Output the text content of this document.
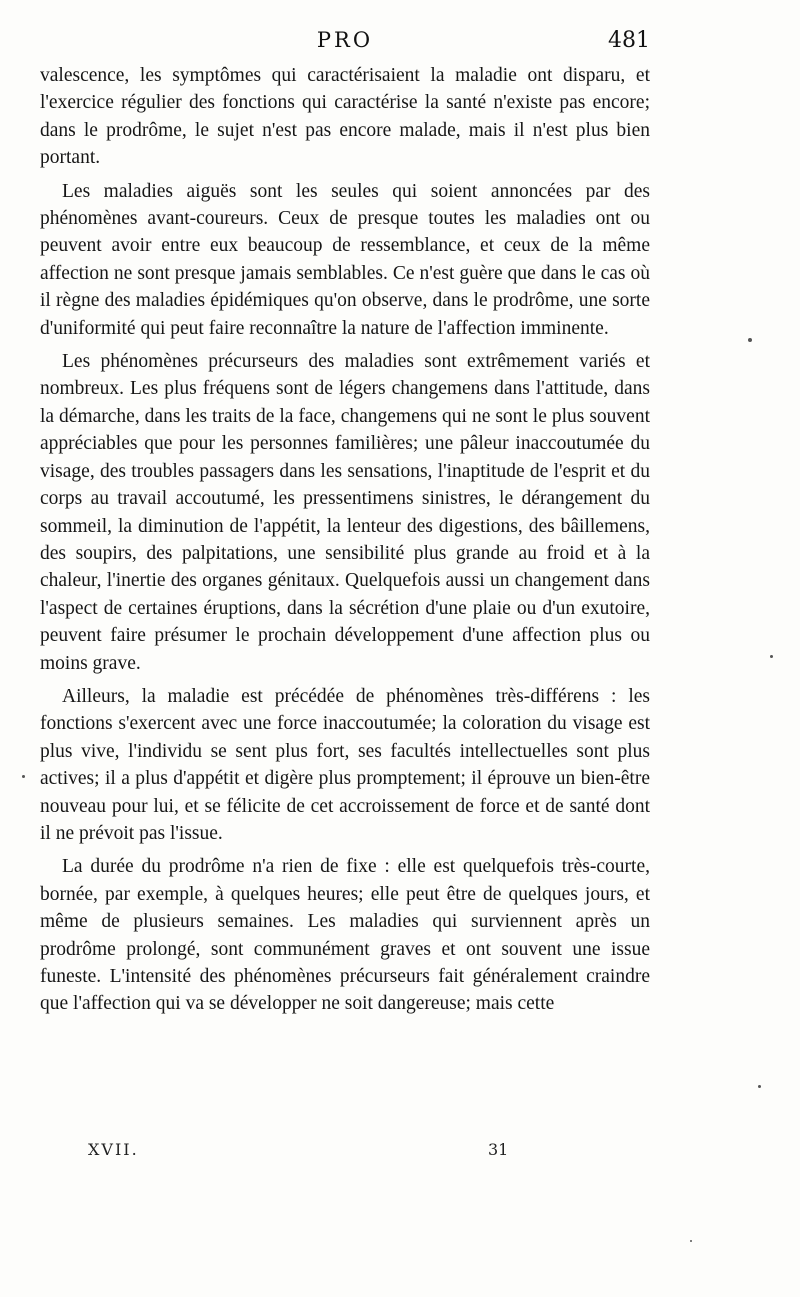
PRO	481

valescence, les symptômes qui caractérisaient la maladie ont disparu, et l'exercice régulier des fonctions qui caractérise la santé n'existe pas encore; dans le prodrôme, le sujet n'est pas encore malade, mais il n'est plus bien portant.

Les maladies aiguës sont les seules qui soient annoncées par des phénomènes avant-coureurs. Ceux de presque toutes les maladies ont ou peuvent avoir entre eux beaucoup de ressemblance, et ceux de la même affection ne sont presque jamais semblables. Ce n'est guère que dans le cas où il règne des maladies épidémiques qu'on observe, dans le prodrôme, une sorte d'uniformité qui peut faire reconnaître la nature de l'affection imminente.

Les phénomènes précurseurs des maladies sont extrêmement variés et nombreux. Les plus fréquens sont de légers changemens dans l'attitude, dans la démarche, dans les traits de la face, changemens qui ne sont le plus souvent appréciables que pour les personnes familières; une pâleur inaccoutumée du visage, des troubles passagers dans les sensations, l'inaptitude de l'esprit et du corps au travail accoutumé, les pressentimens sinistres, le dérangement du sommeil, la diminution de l'appétit, la lenteur des digestions, des bâillemens, des soupirs, des palpitations, une sensibilité plus grande au froid et à la chaleur, l'inertie des organes génitaux. Quelquefois aussi un changement dans l'aspect de certaines éruptions, dans la sécrétion d'une plaie ou d'un exutoire, peuvent faire présumer le prochain développement d'une affection plus ou moins grave.

Ailleurs, la maladie est précédée de phénomènes très-différens : les fonctions s'exercent avec une force inaccoutumée; la coloration du visage est plus vive, l'individu se sent plus fort, ses facultés intellectuelles sont plus actives; il a plus d'appétit et digère plus promptement; il éprouve un bien-être nouveau pour lui, et se félicite de cet accroissement de force et de santé dont il ne prévoit pas l'issue.

La durée du prodrôme n'a rien de fixe : elle est quelquefois très-courte, bornée, par exemple, à quelques heures; elle peut être de quelques jours, et même de plusieurs semaines. Les maladies qui surviennent après un prodrôme prolongé, sont communément graves et ont souvent une issue funeste. L'intensité des phénomènes précurseurs fait généralement craindre que l'affection qui va se développer ne soit dangereuse; mais cette

XVII.	31
